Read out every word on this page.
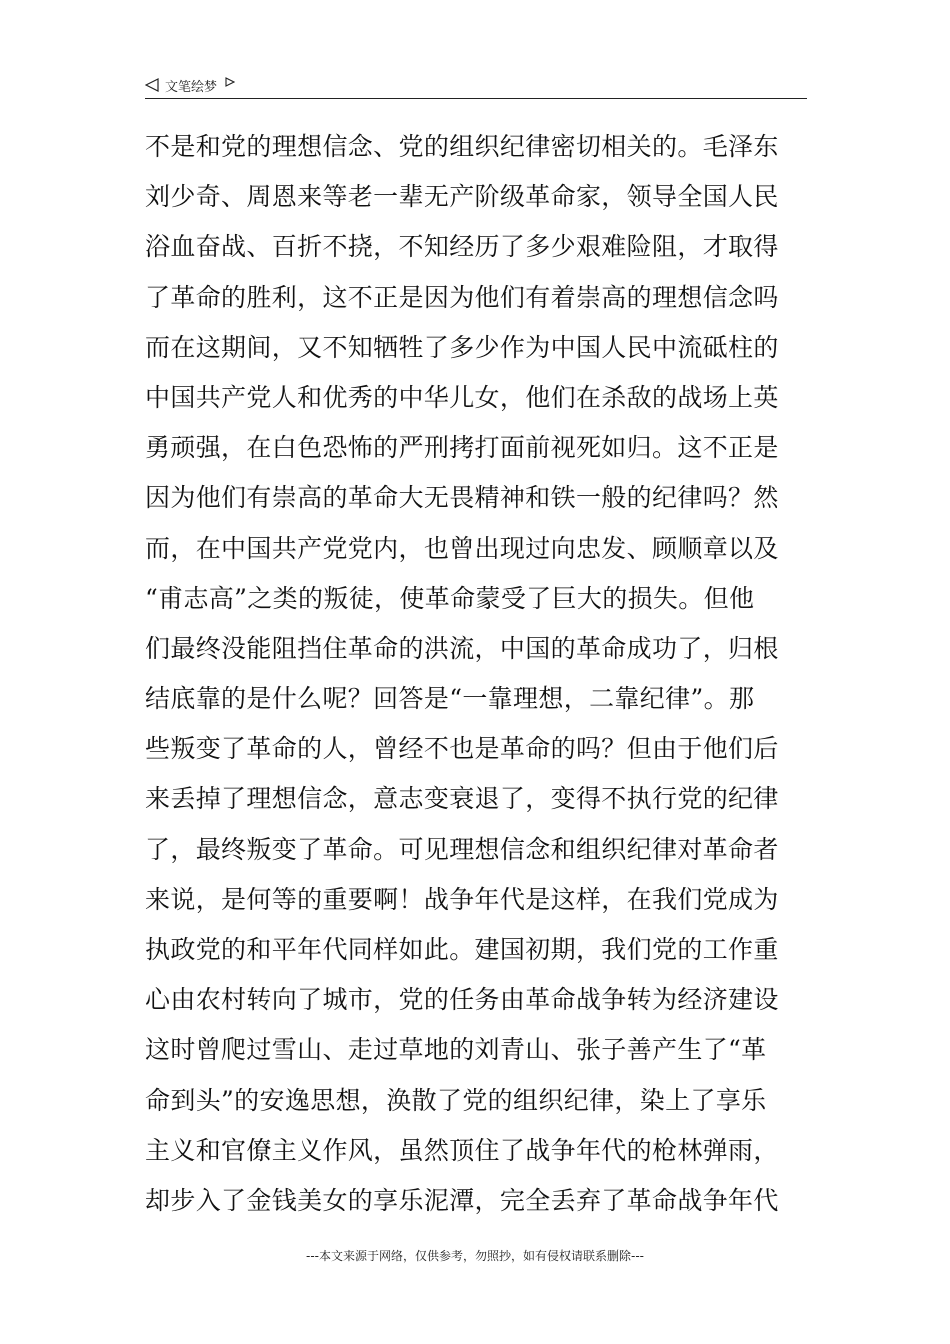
文笔绘梦
不是和党的理想信念、党的组织纪律密切相关的。毛泽东
刘少奇、周恩来等老一辈无产阶级革命家，领导全国人民
浴血奋战、百折不挠，不知经历了多少艰难险阻，才取得
了革命的胜利，这不正是因为他们有着崇高的理想信念吗
而在这期间，又不知牺牲了多少作为中国人民中流砥柱的
中国共产党人和优秀的中华儿女，他们在杀敌的战场上英
勇顽强，在白色恐怖的严刑拷打面前视死如归。这不正是
因为他们有崇高的革命大无畏精神和铁一般的纪律吗？然
而，在中国共产党党内，也曾出现过向忠发、顾顺章以及
“甫志高”之类的叛徒，使革命蒙受了巨大的损失。但他
们最终没能阻挡住革命的洪流，中国的革命成功了，归根
结底靠的是什么呢？回答是“一靠理想，二靠纪律”。那
些叛变了革命的人，曾经不也是革命的吗？但由于他们后
来丢掉了理想信念，意志变衰退了，变得不执行党的纪律
了，最终叛变了革命。可见理想信念和组织纪律对革命者
来说，是何等的重要啊！战争年代是这样，在我们党成为
执政党的和平年代同样如此。建国初期，我们党的工作重
心由农村转向了城市，党的任务由革命战争转为经济建设
这时曾爬过雪山、走过草地的刘青山、张子善产生了“革
命到头”的安逸思想，涣散了党的组织纪律，染上了享乐
主义和官僚主义作风，虽然顶住了战争年代的枪林弹雨，
却步入了金钱美女的享乐泥潭，完全丢弃了革命战争年代
---本文来源于网络，仅供参考，勿照抄，如有侵权请联系删除---
